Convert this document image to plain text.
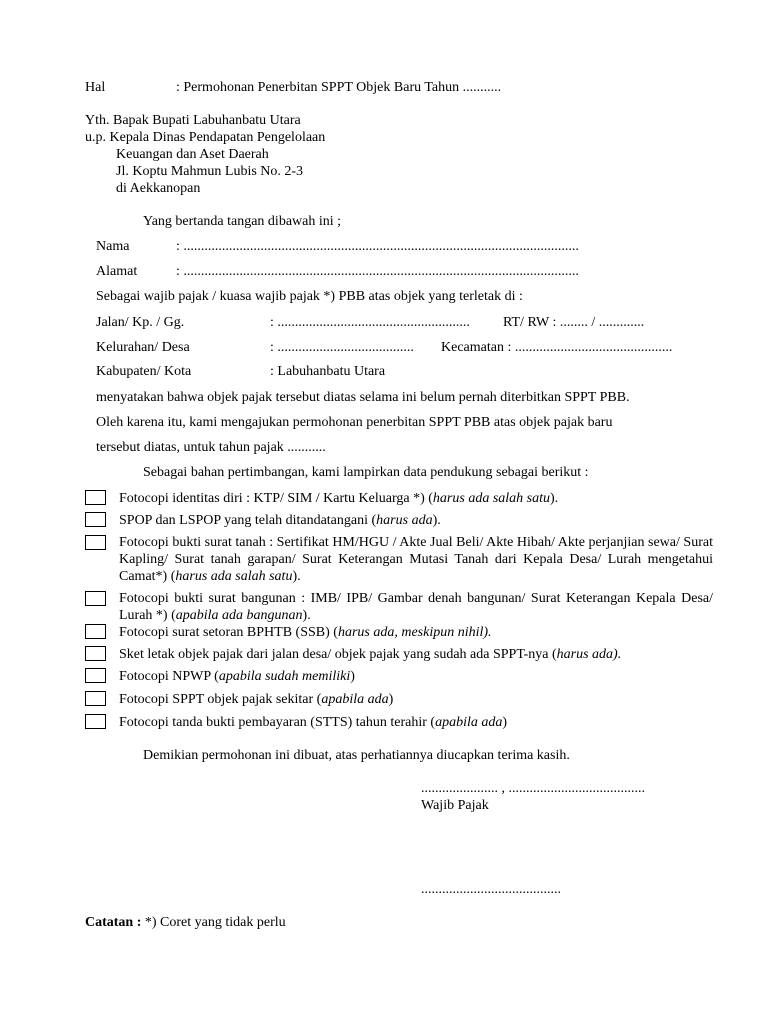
Hal	: Permohonan Penerbitan SPPT Objek Baru Tahun ...........
Yth. Bapak Bupati Labuhanbatu Utara
u.p. Kepala Dinas Pendapatan Pengelolaan
Keuangan dan Aset Daerah
Jl. Koptu Mahmun Lubis No. 2-3
di Aekkanopan
Yang bertanda tangan dibawah ini ;
Nama	: .................................................................................................................
Alamat	: .................................................................................................................
Sebagai wajib pajak / kuasa wajib pajak *) PBB atas objek yang terletak di :
Jalan/ Kp. / Gg.	: ....................................................... RT/ RW : ........ / .............
Kelurahan/ Desa	: ....................................... Kecamatan : .............................................
Kabupaten/ Kota	: Labuhanbatu Utara
menyatakan bahwa objek pajak tersebut diatas selama ini belum pernah diterbitkan SPPT PBB.
Oleh karena itu, kami mengajukan permohonan penerbitan SPPT PBB atas objek pajak baru
tersebut diatas, untuk tahun pajak ...........
Sebagai bahan pertimbangan, kami lampirkan data pendukung sebagai berikut :
Fotocopi identitas diri : KTP/ SIM / Kartu Keluarga *) (harus ada salah satu).
SPOP dan LSPOP yang telah ditandatangani (harus ada).
Fotocopi bukti surat tanah : Sertifikat HM/HGU / Akte Jual Beli/ Akte Hibah/ Akte perjanjian sewa/ Surat Kapling/ Surat tanah garapan/ Surat Keterangan Mutasi Tanah dari Kepala Desa/ Lurah mengetahui Camat*) (harus ada salah satu).
Fotocopi bukti surat bangunan : IMB/ IPB/ Gambar denah bangunan/ Surat Keterangan Kepala Desa/ Lurah *) (apabila ada bangunan).
Fotocopi surat setoran BPHTB (SSB) (harus ada, meskipun nihil).
Sket letak objek pajak dari jalan desa/ objek pajak yang sudah ada SPPT-nya (harus ada).
Fotocopi NPWP (apabila sudah memiliki)
Fotocopi SPPT objek pajak sekitar (apabila ada)
Fotocopi tanda bukti pembayaran (STTS) tahun terahir (apabila ada)
Demikian permohonan ini dibuat, atas perhatiannya diucapkan terima kasih.
...................... , .......................................
Wajib Pajak
........................................
Catatan : *) Coret yang tidak perlu
